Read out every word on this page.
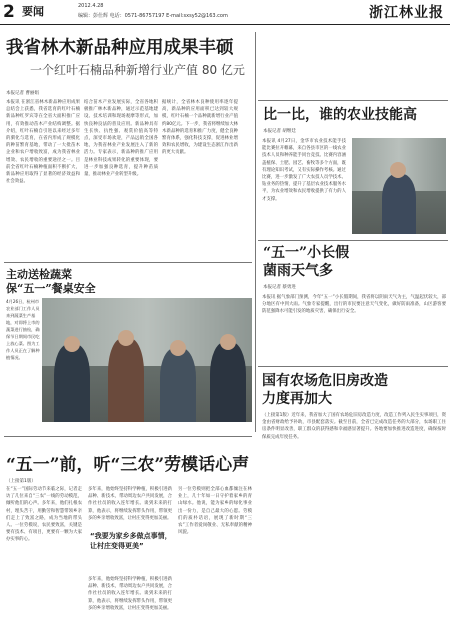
2 要闻	2012.4.28
编辑：彭仕辉 电话：0571-86757197 E-mail:sxsy52@163.com	浙江林业报
我省林木新品种应用成果丰硕
一个红叶石楠品种新增行业产值 80 亿元
本报记者 曹丽娟
本报讯 在浙江省林木新品种应用成果总结会上获悉，我省选育的红叶石楠新品种红罗宾等在全省大面积推广应用，有效推动苗木产业结构调整。据介绍，红叶石楠自引进以来经过多年的驯化与选育，在省内形成了规模化的种苗繁育基地，带动了一大批苗木企业和农户增收致富，成为我省林业增效、农民增收的重要途径之一。目前全省红叶石楠种植面积不断扩大，新品种应用取得了显著的经济效益和社会效益。
结合苗木产业发展实际，全省各地积极推广林木新品种，通过示范基地建设、技术培训和现场观摩等形式，加快良种良法的普及应用。新品种具有生长快、抗性强、观赏价值高等特点，深受市场欢迎，产品远销全国各地，为我省林业产业发展注入了新的活力。专家表示，新品种的推广应用是林业科技成果转化的重要体现，要进一步加强良种选育，提升种苗质量，推动林业产业转型升级。
据统计，全省林木良种使用率逐年提高，新品种的应用面积已达到较大规模，红叶石楠一个品种就新增行业产值约80亿元。下一步，我省将继续加大林木新品种的选育和推广力度，健全良种繁育体系，强化科技支撑，促进林业增效和农民增收，为建设生态浙江作出新的更大贡献。
比一比，谁的农业技能高
本报记者 胡继廷
本报讯 4月27日，金华市农业技术能手技能比赛拉开帷幕，来自各县市区的一线农业技术人员和种养能手同台竞技。比赛内容涵盖植保、土肥、园艺、畜牧等多个方面，既有理论知识考试，又有实际操作考核。通过比赛，进一步激发了广大农技人员学技术、钻业务的热情，提升了基层农业技术服务水平，为农业增效和农民增收提供了有力的人才支撑。
“五一”小长假
菌雨天气多
本报记者 蔡勇进
本报讯 据气象部门预测，今年“五一”小长假期间，我省将以阴雨天气为主，气温起伏较大，部分地区有中到大雨。气象专家提醒，出行的市民要注意天气变化，做好防雨准备，山区游客要防范强降水可能引发的地质灾害，确保出行安全。
国有农场危旧房改造
力度再加大
（上接第1版）近年来，我省加大了国有农场危旧房改造力度，改造工作列入民生实事项目，资金由省财政给予补助，市县配套落实。截至目前，全省已完成改造任务的大部分，农场职工住房条件明显改善，职工群众的获得感和幸福感显著提升。各地要加快推进改造进度，确保按时保质完成年度任务。
主动送检蔬菜
保“五一”餐桌安全
4月26日，杭州市农业部门工作人员来到蔬菜生产基地，对即将上市的蔬菜进行抽检，确保节日期间市民吃上放心菜。图为工作人员正在了解种植情况。
“五一”前，听“三农”劳模话心声
（上接第1版）
在“五一”国际劳动节来临之际，记者走访了几位来自“三农”一线的劳动模范，倾听他们的心声。多年来，他们扎根农村，埋头苦干，用勤劳和智慧带领乡亲们走上了致富之路，成为当地的带头人。一位劳模说，农民要致富，关键是要有技术、有项目，更要有一颗为大家办实事的心。	“我要为家乡多做点事情，让村庄变得更美”
多年来，他始终坚持科学种植，积极引进新品种、新技术，带动周边农户共同发展，合作社社员的收入连年增长。谈到未来的打算，他表示，将继续发挥带头作用，带领更多的乡亲增收致富，让村庄变得更加美丽。
多年来，他始终坚持科学种植，积极引进新品种、新技术，带动周边农户共同发展，合作社社员的收入连年增长。谈到未来的打算，他表示，将继续发挥带头作用，带领更多的乡亲增收致富，让村庄变得更加美丽。
另一位劳模则把全部心血都倾注在林业上，几十年如一日守护着家乡的青山绿水。他说，能为家乡的绿化事业出一份力，是自己最大的心愿。劳模们的质朴话语，展现了新时期“三农”工作者爱岗敬业、无私奉献的精神风貌。
